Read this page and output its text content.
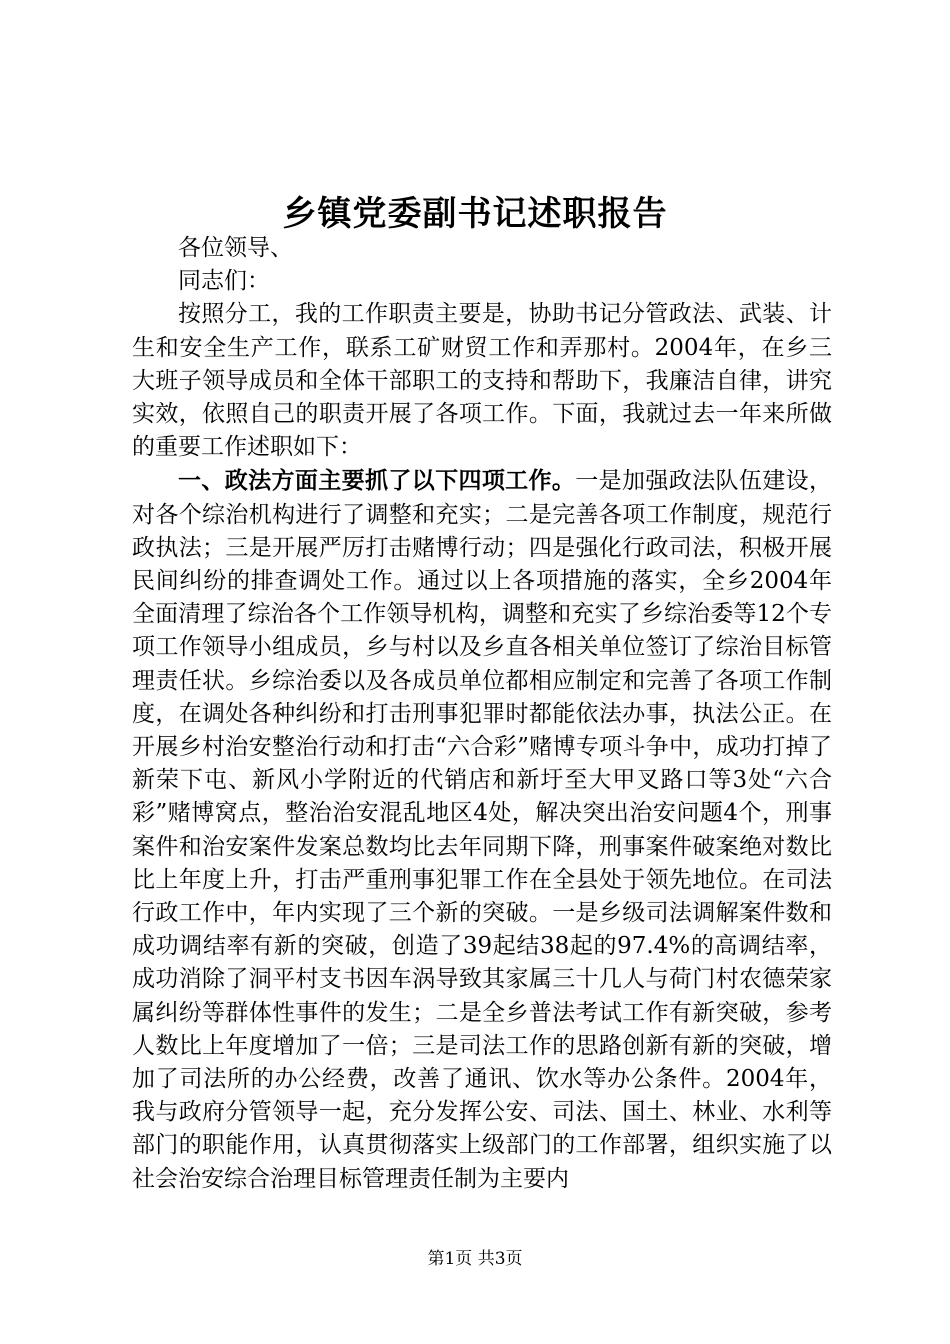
乡镇党委副书记述职报告

各位领导、

同志们：

按照分工，我的工作职责主要是，协助书记分管政法、武装、计生和安全生产工作，联系工矿财贸工作和弄那村。2004年，在乡三大班子领导成员和全体干部职工的支持和帮助下，我廉洁自律，讲究实效，依照自己的职责开展了各项工作。下面，我就过去一年来所做的重要工作述职如下：

一、政法方面主要抓了以下四项工作。一是加强政法队伍建设，对各个综治机构进行了调整和充实；二是完善各项工作制度，规范行政执法；三是开展严厉打击赌博行动；四是强化行政司法，积极开展民间纠纷的排查调处工作。通过以上各项措施的落实，全乡2004年全面清理了综治各个工作领导机构，调整和充实了乡综治委等12个专项工作领导小组成员，乡与村以及乡直各相关单位签订了综治目标管理责任状。乡综治委以及各成员单位都相应制定和完善了各项工作制度，在调处各种纠纷和打击刑事犯罪时都能依法办事，执法公正。在开展乡村治安整治行动和打击“六合彩”赌博专项斗争中，成功打掉了新荣下屯、新风小学附近的代销店和新圩至大甲叉路口等3处“六合彩”赌博窝点，整治治安混乱地区4处，解决突出治安问题4个，刑事案件和治安案件发案总数均比去年同期下降，刑事案件破案绝对数比比上年度上升，打击严重刑事犯罪工作在全县处于领先地位。在司法行政工作中，年内实现了三个新的突破。一是乡级司法调解案件数和成功调结率有新的突破，创造了39起结38起的97.4%的高调结率，成功消除了洞平村支书因车涡导致其家属三十几人与荷门村农德荣家属纠纷等群体性事件的发生；二是全乡普法考试工作有新突破，参考人数比上年度增加了一倍；三是司法工作的思路创新有新的突破，增加了司法所的办公经费，改善了通讯、饮水等办公条件。2004年，我与政府分管领导一起，充分发挥公安、司法、国土、林业、水利等部门的职能作用，认真贯彻落实上级部门的工作部署，组织实施了以社会治安综合治理目标管理责任制为主要内

第1页 共3页
